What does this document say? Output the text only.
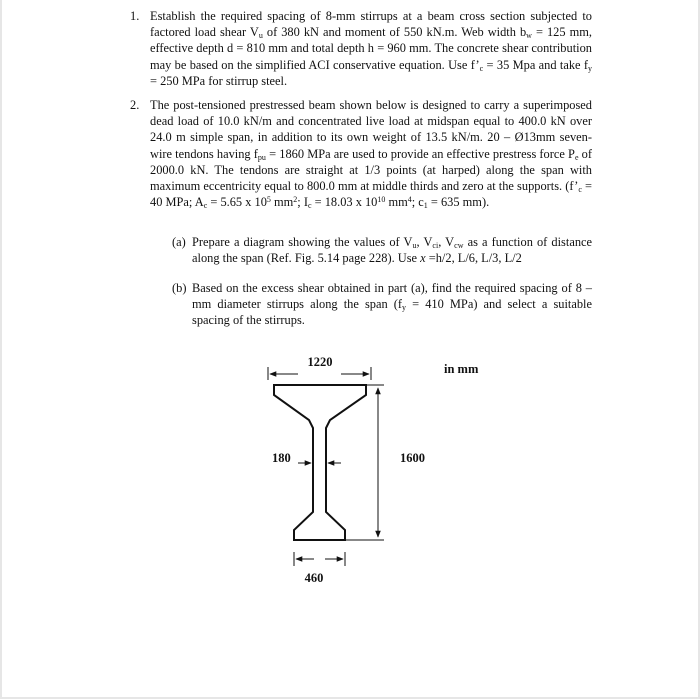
1. Establish the required spacing of 8-mm stirrups at a beam cross section subjected to factored load shear $V_u$ of 380 kN and moment of 550 kN.m. Web width $b_w = 125$ mm, effective depth d = 810 mm and total depth h = 960 mm. The concrete shear contribution may be based on the simplified ACI conservative equation. Use $f’_c = 35$ Mpa and take $f_y = 250$ MPa for stirrup steel.
2. The post-tensioned prestressed beam shown below is designed to carry a superimposed dead load of 10.0 kN/m and concentrated live load at midspan equal to 400.0 kN over 24.0 m simple span, in addition to its own weight of 13.5 kN/m. 20 – Ø13mm seven-wire tendons having $f_{pu} = 1860$ MPa are used to provide an effective prestress force $P_e$ of 2000.0 kN. The tendons are straight at 1/3 points (at harped) along the span with maximum eccentricity equal to 800.0 mm at middle thirds and zero at the supports. ($f’_c = 40$ MPa; $A_c = 5.65$ x $10^5$ $mm^2$; $I_c = 18.03$ x $10^{10}$ $mm^4$; $c_1 = 635$ mm).
(a) Prepare a diagram showing the values of $V_u$, $V_{ci}$, $V_{cw}$ as a function of distance along the span (Ref. Fig. 5.14 page 228). Use x =h/2, L/6, L/3, L/2
(b) Based on the excess shear obtained in part (a), find the required spacing of 8 – mm diameter stirrups along the span ($f_y = 410$ MPa) and select a suitable spacing of the stirrups.
1220
1600
180
460
in mm
